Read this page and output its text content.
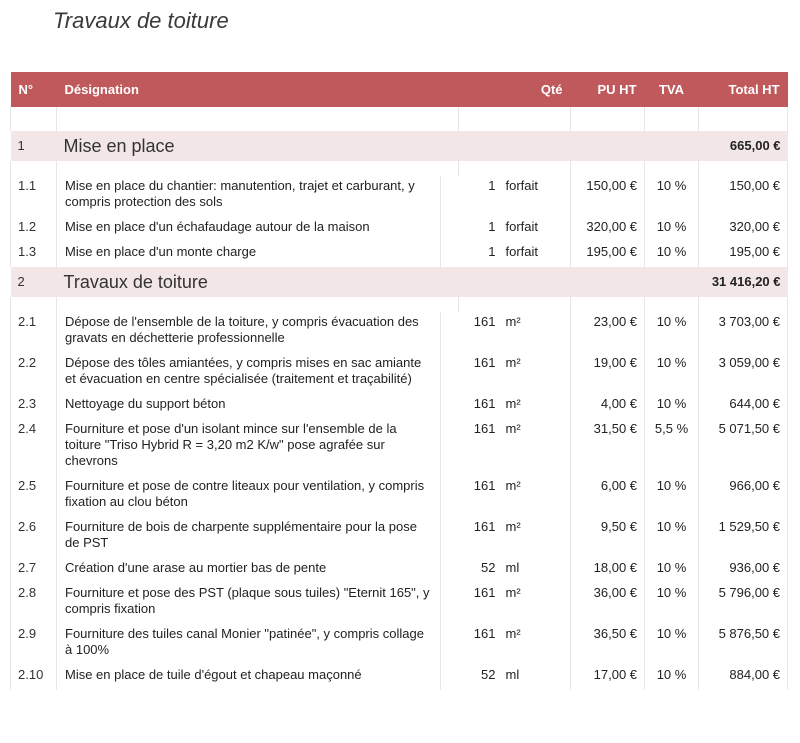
Travaux de toiture
N°	Désignation	Qté		PU HT	TVA	Total HT

1	Mise en place					665,00 €

1.1	Mise en place du chantier: manutention, trajet et carburant, y compris protection des sols		1 forfait	150,00 €	10 %	150,00 €
1.2	Mise en place d'un échafaudage autour de la maison		1 forfait	320,00 €	10 %	320,00 €
1.3	Mise en place d'un monte charge		1 forfait	195,00 €	10 %	195,00 €
2	Travaux de toiture					31 416,20 €

2.1	Dépose de l'ensemble de la toiture, y compris évacuation des gravats en déchetterie professionnelle		161 m²	23,00 €	10 %	3 703,00 €
2.2	Dépose des tôles amiantées, y compris mises en sac amiante et évacuation en centre spécialisée (traitement et traçabilité)		161 m²	19,00 €	10 %	3 059,00 €
2.3	Nettoyage du support béton		161 m²	4,00 €	10 %	644,00 €
2.4	Fourniture et pose d'un isolant mince sur l'ensemble de la toiture "Triso Hybrid R = 3,20 m2 K/w" pose agrafée sur chevrons		161 m²	31,50 €	5,5 %	5 071,50 €
2.5	Fourniture et pose de contre liteaux pour ventilation, y compris fixation au clou béton		161 m²	6,00 €	10 %	966,00 €
2.6	Fourniture de bois de charpente supplémentaire pour la pose de PST		161 m²	9,50 €	10 %	1 529,50 €
2.7	Création d'une arase au mortier bas de pente		52 ml	18,00 €	10 %	936,00 €
2.8	Fourniture et pose des PST (plaque sous tuiles) "Eternit 165", y compris fixation		161 m²	36,00 €	10 %	5 796,00 €
2.9	Fourniture des tuiles canal Monier "patinée", y compris collage à 100%		161 m²	36,50 €	10 %	5 876,50 €
2.10	Mise en place de tuile d'égout et chapeau maçonné		52 ml	17,00 €	10 %	884,00 €
